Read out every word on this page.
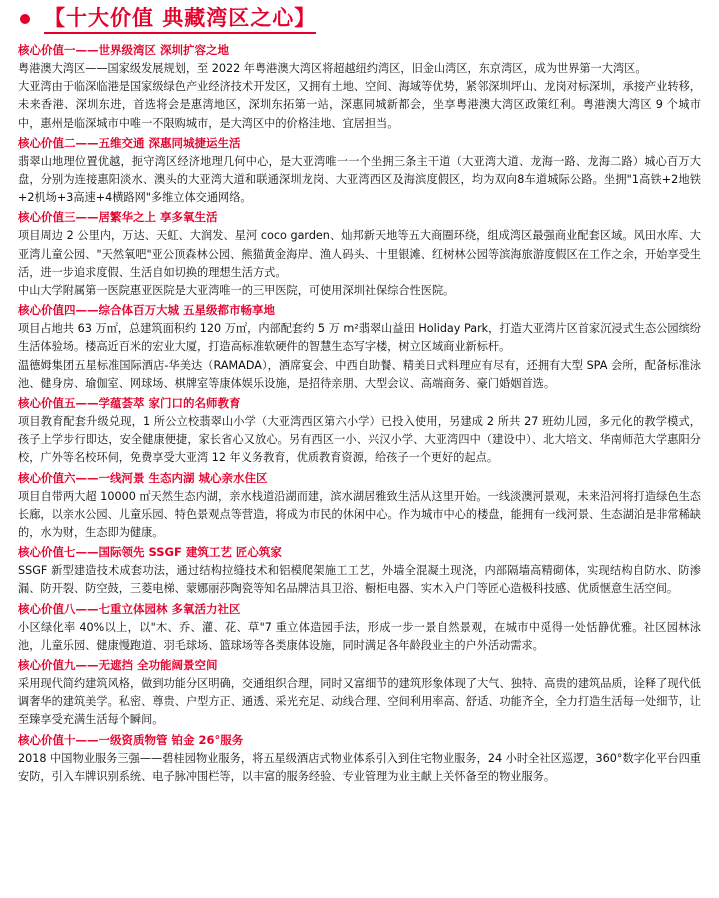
【十大价值 典藏湾区之心】

核心价值一——世界级湾区 深圳扩容之地

粤港澳大湾区——国家级发展规划，至 2022 年粤港澳大湾区将超越纽约湾区，旧金山湾区，东京湾区，成为世界第一大湾区。

大亚湾由于临深临港是国家级绿色产业经济技术开发区，又拥有土地、空间、海域等优势，紧邻深圳坪山、龙岗对标深圳，承接产业转移，未来香港、深圳东进，首选将会是惠湾地区，深圳东拓第一站，深惠同城新都会，坐享粤港澳大湾区政策红利。粤港澳大湾区 9 个城市中，惠州是临深城市中唯一不限购城市，是大湾区中的价格洼地、宜居担当。

核心价值二——五维交通 深惠同城捷运生活

翡翠山地理位置优越，扼守湾区经济地理几何中心，是大亚湾唯一一个坐拥三条主干道（大亚湾大道、龙海一路、龙海二路）城心百万大盘，分别为连接惠阳淡水、澳头的大亚湾大道和联通深圳龙岗、大亚湾西区及海滨度假区，均为双向8车道城际公路。坐拥"1高铁+2地铁+2机场+3高速+4横路网"多维立体交通网络。

核心价值三——居繁华之上 享多氧生活

项目周边 2 公里内，万达、天虹、大润发、星河 coco garden、灿邦新天地等五大商圈环绕，组成湾区最强商业配套区域。风田水库、大亚湾儿童公园、"天然氧吧"亚公顶森林公园、熊猫黄金海岸、渔人码头、十里银滩、红树林公园等滨海旅游度假区在工作之余，开始享受生活，进一步追求度假、生活自如切换的理想生活方式。

中山大学附属第一医院惠亚医院是大亚湾唯一的三甲医院，可使用深圳社保综合性医院。

核心价值四——综合体百万大城 五星级都市畅享地

项目占地共 63 万㎡，总建筑面积约 120 万㎡，内部配套约 5 万 m²翡翠山益田 Holiday Park，打造大亚湾片区首家沉浸式生态公园缤纷生活体验场。楼高近百米的宏业大厦，打造高标准软硬件的智慧生态写字楼，树立区域商业新标杆。

温德姆集团五星标准国际酒店-华美达（RAMADA），酒席宴会、中西自助餐、精美日式料理应有尽有，还拥有大型 SPA 会所，配备标准泳池、健身房、瑜伽室、网球场、棋牌室等康体娱乐设施，是招待亲朋、大型会议、高端商务、豪门婚姻首选。

核心价值五——学蕴荟萃 家门口的名师教育

项目教育配套升级兑现，1 所公立校翡翠山小学（大亚湾西区第六小学）已投入使用，另建成 2 所共 27 班幼儿园，多元化的教学模式，孩子上学步行即达，安全健康便捷，家长省心又放心。另有西区一小、兴汉小学、大亚湾四中（建设中）、北大培文、华南师范大学惠阳分校，广外等名校环伺，免费享受大亚湾 12 年义务教育，优质教育资源，给孩子一个更好的起点。

核心价值六——一线河景 生态内湖 城心亲水住区

项目自带两大超 10000 ㎡天然生态内湖，亲水栈道沿湖而建，滨水湖居雅致生活从这里开始。一线淡澳河景观，未来沿河将打造绿色生态长廊，以亲水公园、儿童乐园、特色景观点等营造，将成为市民的休闲中心。作为城市中心的楼盘，能拥有一线河景、生态湖泊是非常稀缺的，水为财，生态即为健康。

核心价值七——国际领先 SSGF 建筑工艺 匠心筑家

SSGF 新型建造技术成套功法，通过结构拉缝技术和铝模爬架施工工艺，外墙全混凝土现浇，内部隔墙高精砌体，实现结构自防水、防渗漏、防开裂、防空鼓，三菱电梯、蒙娜丽莎陶瓷等知名品牌洁具卫浴、橱柜电器、实木入户门等匠心造极科技感、优质惬意生活空间。

核心价值八——七重立体园林 多氧活力社区

小区绿化率 40%以上，以"木、乔、灌、花、草"7 重立体造园手法，形成一步一景自然景观，在城市中觅得一处恬静优雅。社区园林泳池，儿童乐园、健康慢跑道、羽毛球场、篮球场等各类康体设施，同时满足各年龄段业主的户外活动需求。

核心价值九——无遮挡 全功能阔景空间

采用现代简约建筑风格，做到功能分区明确，交通组织合理，同时又富细节的建筑形象体现了大气、独特、高贵的建筑品质，诠释了现代低调奢华的建筑美学。私密、尊贵、户型方正、通透、采光充足、动线合理、空间利用率高、舒适、功能齐全，全力打造生活每一处细节，让至臻享受充满生活每个瞬间。

核心价值十——一级资质物管 铂金 26°服务

2018 中国物业服务三强——碧桂园物业服务，将五星级酒店式物业体系引入到住宅物业服务，24 小时全社区巡逻，360°数字化平台四重安防，引入车牌识别系统、电子脉冲围栏等，以丰富的服务经验、专业管理为业主献上关怀备至的物业服务。
